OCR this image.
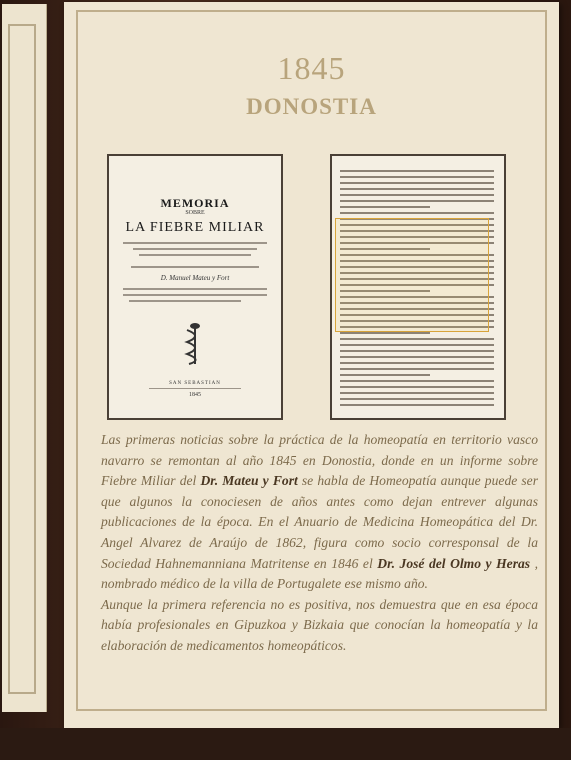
1845
DONOSTIA
MEMORIA
SOBRE
LA FIEBRE MILIAR
D. Manuel Mateu y Fort
SAN SEBASTIAN
1845

Las primeras noticias sobre la práctica de la homeopatía en territorio vasco navarro se remontan al año 1845 en Donostia, donde en un informe sobre Fiebre Miliar del Dr. Mateu y Fort se habla de Homeopatía aunque puede ser que algunos la conociesen de años antes como dejan entrever algunas publicaciones de la época. En el Anuario de Medicina Homeopática del Dr. Angel Alvarez de Araújo de 1862, figura como socio corresponsal de la Sociedad Hahnemanniana Matritense en 1846 el Dr. José del Olmo y Heras , nombrado médico de la villa de Portugalete ese mismo año.

Aunque la primera referencia no es positiva, nos demuestra que en esa época había profesionales en Gipuzkoa y Bizkaia que conocían la homeopatía y la elaboración de medicamentos homeopáticos.
